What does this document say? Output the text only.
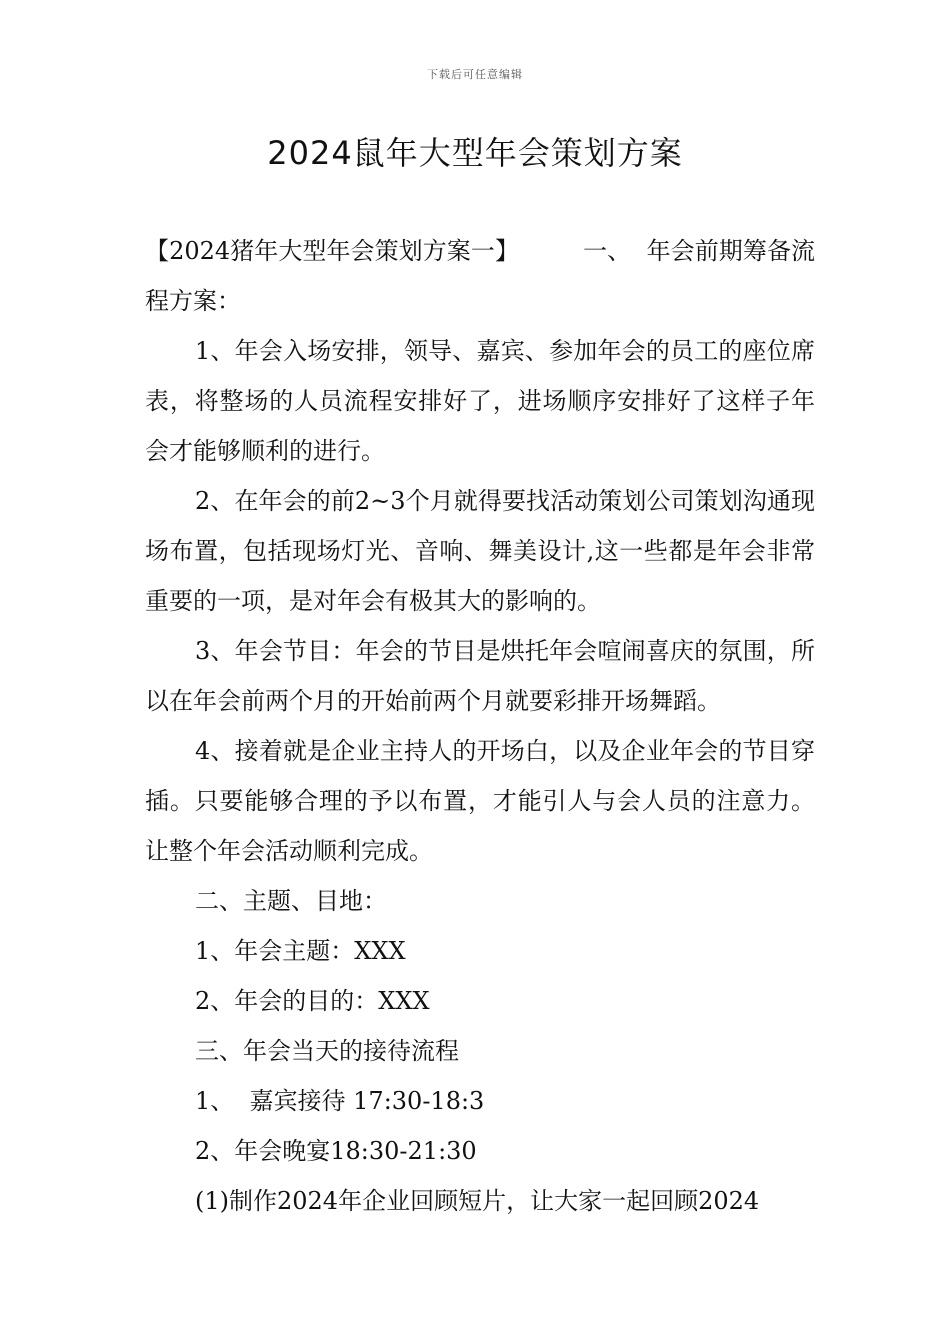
下载后可任意编辑
2024鼠年大型年会策划方案

【2024猪年大型年会策划方案一】	一、 年会前期筹备流程方案：

1、年会入场安排，领导、嘉宾、参加年会的员工的座位席表，将整场的人员流程安排好了，进场顺序安排好了这样子年会才能够顺利的进行。

2、在年会的前2~3个月就得要找活动策划公司策划沟通现场布置，包括现场灯光、音响、舞美设计,这一些都是年会非常重要的一项，是对年会有极其大的影响的。

3、年会节目：年会的节目是烘托年会喧闹喜庆的氛围，所以在年会前两个月的开始前两个月就要彩排开场舞蹈。

4、接着就是企业主持人的开场白，以及企业年会的节目穿插。只要能够合理的予以布置，才能引人与会人员的注意力。让整个年会活动顺利完成。

二、主题、目地：

1、年会主题：XXX

2、年会的目的：XXX

三、年会当天的接待流程

1、  嘉宾接待 17:30-18:3

2、年会晚宴18:30-21:30

(1)制作2024年企业回顾短片，让大家一起回顾2024
